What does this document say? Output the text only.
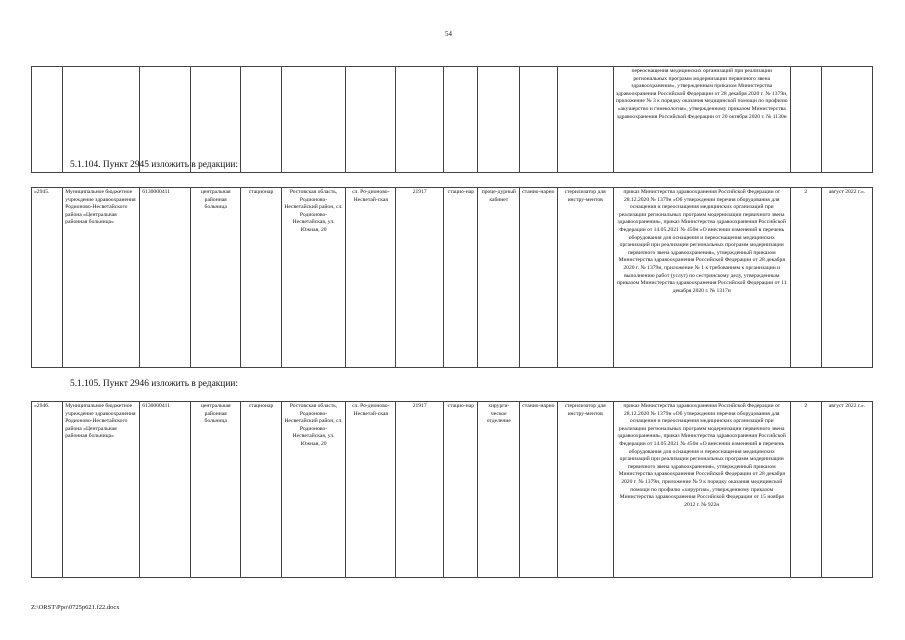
54
												переоснащения медицинских организаций при реализации региональных программ модернизации первичного звена здравоохранения», утвержденным приказом Министерства здравоохранения Российской Федерации от 28 декабря 2020 г. № 1379н, приложение № 3 к порядку оказания медицинской помощи по профилю «акушерство и гинекология», утвержденному приказом Министерства здравоохранения Российской Федерации от 20 октября 2020 г. № 1130н		
5.1.104. Пункт 2945 изложить в редакции:
«2945.	Муниципальное бюджетное учреждение здравоохранения Родионово-Несветайского района «Центральная районная больница»	6130000411	центральная районная больница	стационар	Ростовская область, Родионово-Несветайский район, сл. Родионово-Несветайская, ул. Южная, 20	сл. Ро-дионово-Несветай-ская	21917	стацио-нар	проце-дурный кабинет	станио-нарно	стерилизатор для инстру-ментов	приказ Министерства здравоохранения Российской Федерации от 28.12.2020 № 1379н «Об утверждении перечня оборудования для оснащения и переоснащения медицинских организаций при реализации региональных программ модернизации первичного звена здравоохранения», приказ Министерства здравоохранения Российской Федерации от 14.05.2021 № 450н «О внесении изменений в перечень оборудования для оснащения и переоснащения медицинских организаций при реализации региональных программ модернизации первичного звена здравоохранения», утвержденный приказом Министерства здравоохранения Российской Федерации от 28 декабря 2020 г. № 1379н, приложение № 1 к требованиям к организации и выполнению работ (услуг) по сестринскому делу, утвержденным приказом Министерства здравоохранения Российской Федерации от 11 декабря 2020 г. № 1317н	2	август 2022 г.».
5.1.105. Пункт 2946 изложить в редакции:
«2946.	Муниципальное бюджетное учреждение здравоохранения Родионово-Несветайского района «Центральная районная больница»	6130000411	центральная районная больница	стационар	Ростовская область, Родионово-Несветайский район, сл. Родионово-Несветайская, ул. Южная, 20	сл. Ро-дионово-Несветай-ская	21917	стацио-нар	хирурги-ческое отделение	станио-нарно	стерилизатор для инстру-ментов	приказ Министерства здравоохранения Российской Федерации от 28.12.2020 № 1379н «Об утверждении перечня оборудования для оснащения и переоснащения медицинских организаций при реализации региональных программ модернизации первичного звена здравоохранения», приказ Министерства здравоохранения Российской Федерации от 14.05.2021 № 450н «О внесении изменений в перечень оборудования для оснащения и переоснащения медицинских организаций при реализации региональных программ модернизации первичного звена здравоохранения», утвержденный приказом Министерства здравоохранения Российской Федерации от 28 декабря 2020 г. № 1379н, приложение № 9 к порядку оказания медицинской помощи по профилю «хирургия», утвержденному приказом Министерства здравоохранения Российской Федерации от 15 ноября 2012 г. № 922н	2	август 2022 г.».
Z:\ORST\Ppo\0725p621.f22.docx
